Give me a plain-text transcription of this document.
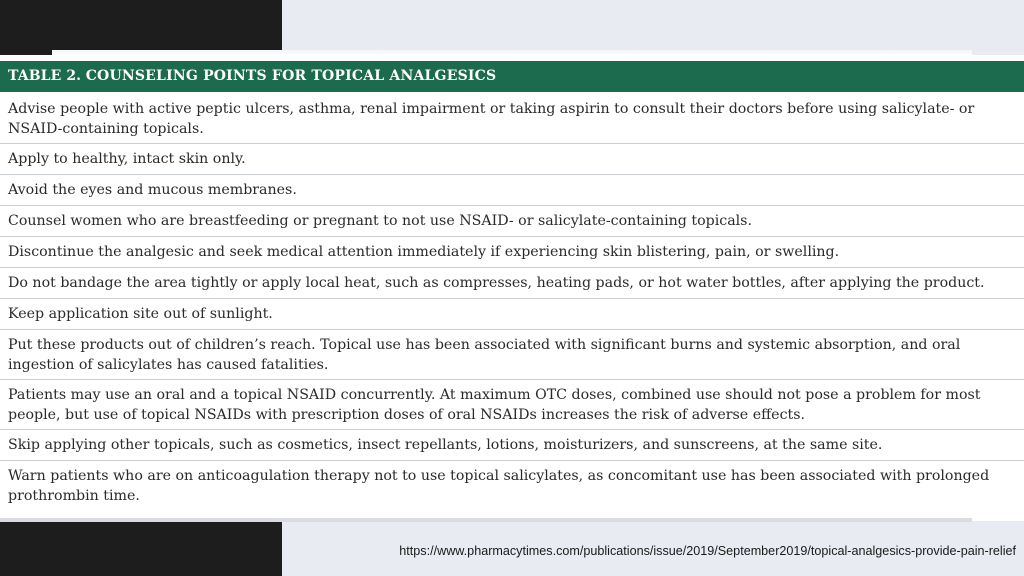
TABLE 2. COUNSELING POINTS FOR TOPICAL ANALGESICS
Advise people with active peptic ulcers, asthma, renal impairment or taking aspirin to consult their doctors before using salicylate- or NSAID-containing topicals.
Apply to healthy, intact skin only.
Avoid the eyes and mucous membranes.
Counsel women who are breastfeeding or pregnant to not use NSAID- or salicylate-containing topicals.
Discontinue the analgesic and seek medical attention immediately if experiencing skin blistering, pain, or swelling.
Do not bandage the area tightly or apply local heat, such as compresses, heating pads, or hot water bottles, after applying the product.
Keep application site out of sunlight.
Put these products out of children’s reach. Topical use has been associated with significant burns and systemic absorption, and oral ingestion of salicylates has caused fatalities.
Patients may use an oral and a topical NSAID concurrently. At maximum OTC doses, combined use should not pose a problem for most people, but use of topical NSAIDs with prescription doses of oral NSAIDs increases the risk of adverse effects.
Skip applying other topicals, such as cosmetics, insect repellants, lotions, moisturizers, and sunscreens, at the same site.
Warn patients who are on anticoagulation therapy not to use topical salicylates, as concomitant use has been associated with prolonged prothrombin time.
https://www.pharmacytimes.com/publications/issue/2019/September2019/topical-analgesics-provide-pain-relief
